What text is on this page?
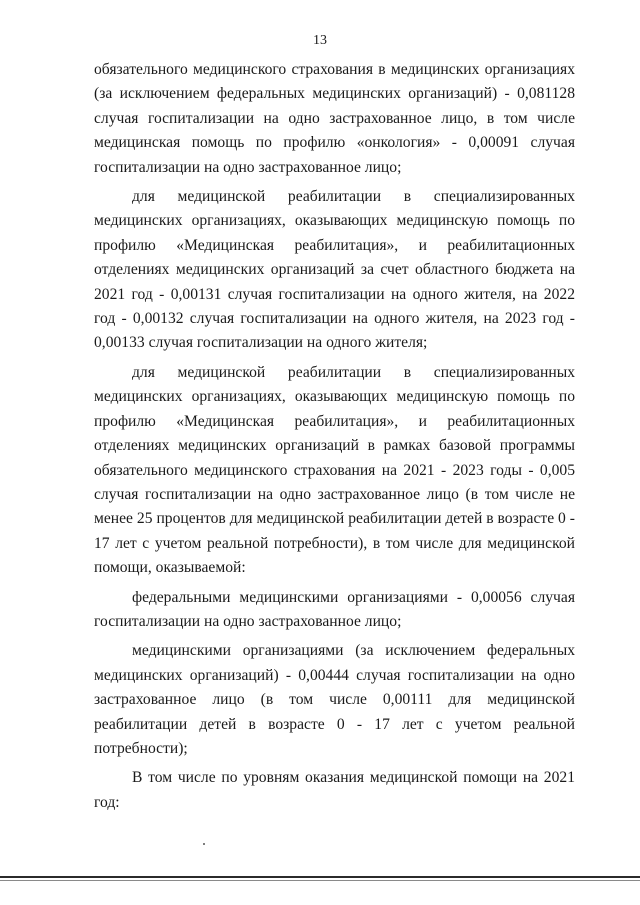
13

обязательного медицинского страхования в медицинских организациях (за исключением федеральных медицинских организаций) - 0,081128 случая госпитализации на одно застрахованное лицо, в том числе медицинская помощь по профилю «онкология» - 0,00091 случая госпитализации на одно застрахованное лицо;

для медицинской реабилитации в специализированных медицинских организациях, оказывающих медицинскую помощь по профилю «Медицинская реабилитация», и реабилитационных отделениях медицинских организаций за счет областного бюджета на 2021 год - 0,00131 случая госпитализации на одного жителя, на 2022 год - 0,00132 случая госпитализации на одного жителя, на 2023 год - 0,00133 случая госпитализации на одного жителя;

для медицинской реабилитации в специализированных медицинских организациях, оказывающих медицинскую помощь по профилю «Медицинская реабилитация», и реабилитационных отделениях медицинских организаций в рамках базовой программы обязательного медицинского страхования на 2021 - 2023 годы - 0,005 случая госпитализации на одно застрахованное лицо (в том числе не менее 25 процентов для медицинской реабилитации детей в возрасте 0 - 17 лет с учетом реальной потребности), в том числе для медицинской помощи, оказываемой:

федеральными медицинскими организациями - 0,00056 случая госпитализации на одно застрахованное лицо;

медицинскими организациями (за исключением федеральных медицинских организаций) - 0,00444 случая госпитализации на одно застрахованное лицо (в том числе 0,00111 для медицинской реабилитации детей в возрасте 0 - 17 лет с учетом реальной потребности);

В том числе по уровням оказания медицинской помощи на 2021 год:
